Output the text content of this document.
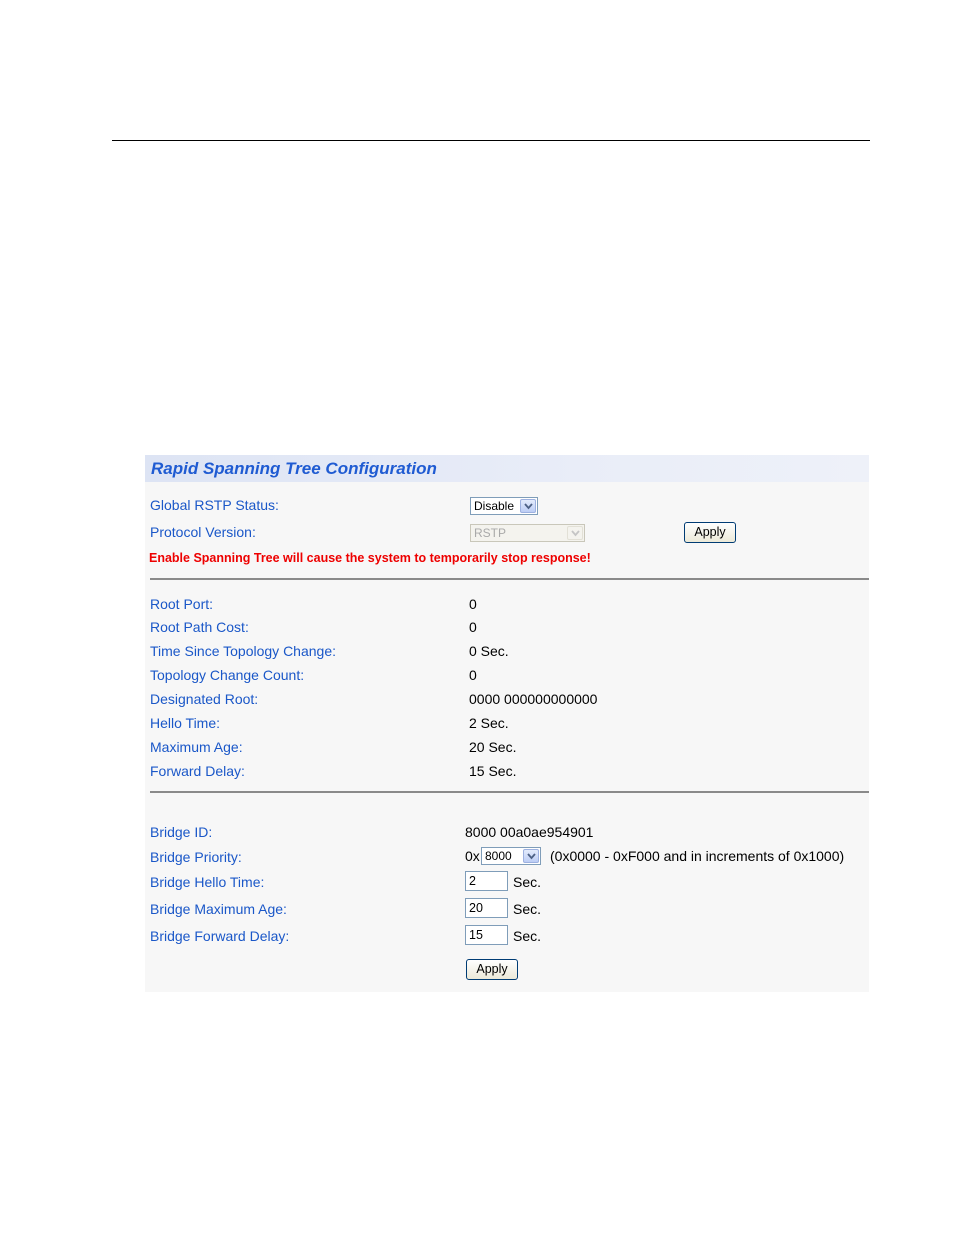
Rapid Spanning Tree Configuration
Global RSTP Status:	Disable
Protocol Version:	RSTP	Apply
Enable Spanning Tree will cause the system to temporarily stop response!
Root Port:	0
Root Path Cost:	0
Time Since Topology Change:	0 Sec.
Topology Change Count:	0
Designated Root:	0000 000000000000
Hello Time:	2 Sec.
Maximum Age:	20 Sec.
Forward Delay:	15 Sec.
Bridge ID:	8000 00a0ae954901
Bridge Priority:	0x 8000	(0x0000 - 0xF000 and in increments of 0x1000)
Bridge Hello Time:	2	Sec.
Bridge Maximum Age:	20	Sec.
Bridge Forward Delay:	15	Sec.
Apply
